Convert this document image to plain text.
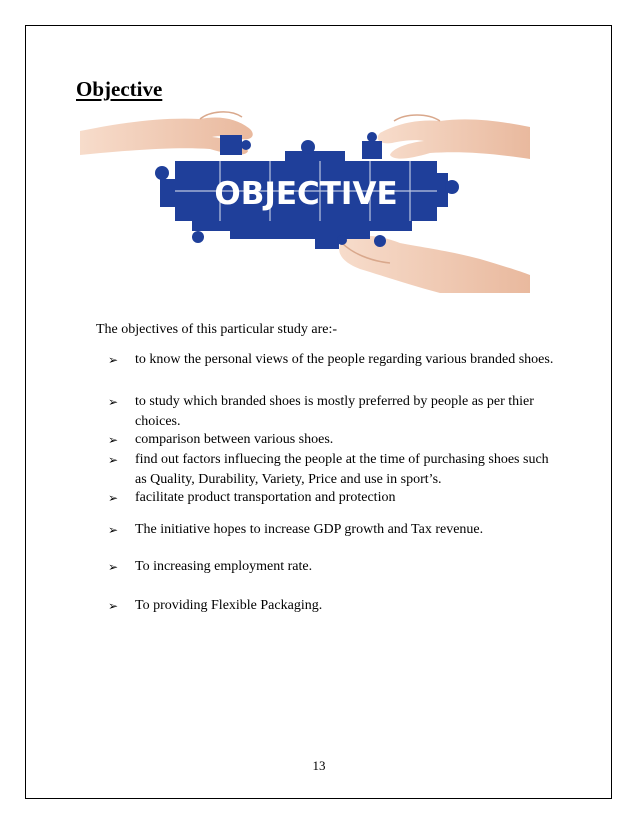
Objective
OBJECTIVE
The objectives of this particular study are:-
➢ to know the personal views of the people regarding various branded shoes.
➢ to study which branded shoes is mostly preferred by people as per thier choices.
➢ comparison between various shoes.
➢ find out factors influecing the people at the time of purchasing shoes such as Quality, Durability, Variety, Price and use in sport’s.
➢ facilitate product transportation and protection
➢ The initiative hopes to increase GDP growth and Tax revenue.
➢ To increasing employment rate.
➢ To providing Flexible Packaging.
13
